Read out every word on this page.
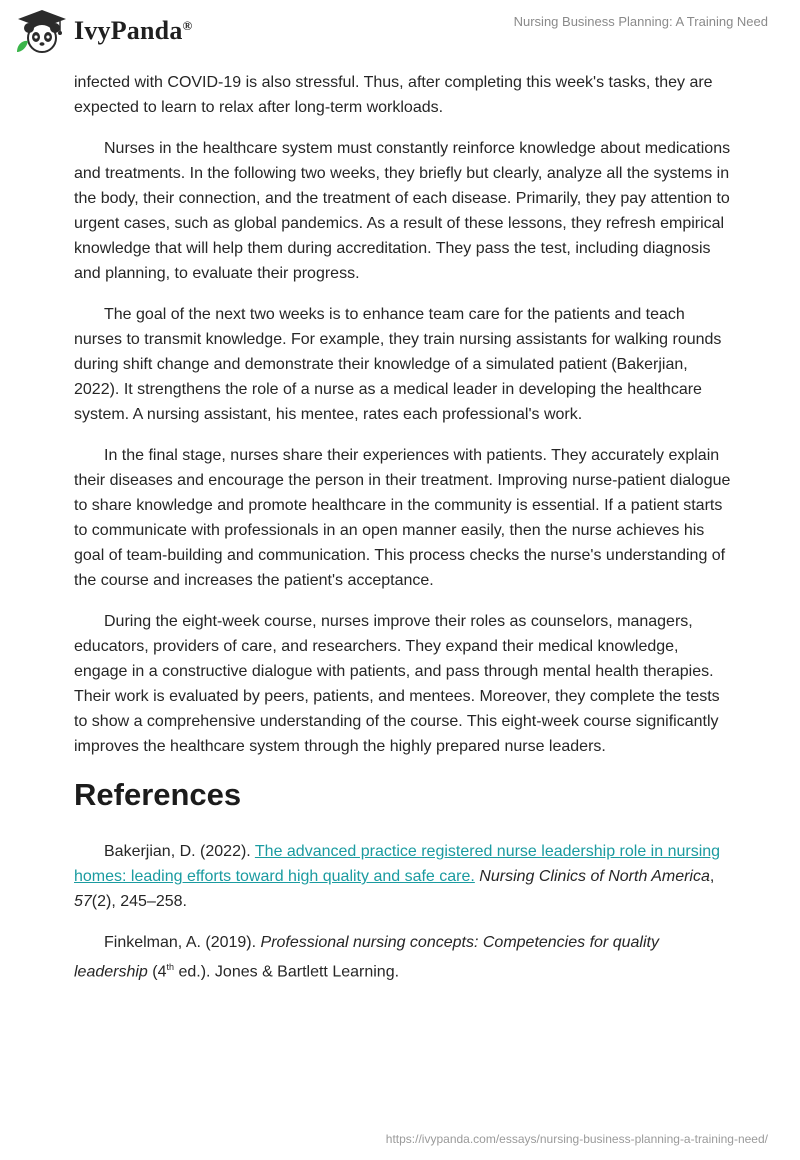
IvyPanda®	Nursing Business Planning: A Training Need

infected with COVID-19 is also stressful. Thus, after completing this week's tasks, they are expected to learn to relax after long-term workloads.

Nurses in the healthcare system must constantly reinforce knowledge about medications and treatments. In the following two weeks, they briefly but clearly, analyze all the systems in the body, their connection, and the treatment of each disease. Primarily, they pay attention to urgent cases, such as global pandemics. As a result of these lessons, they refresh empirical knowledge that will help them during accreditation. They pass the test, including diagnosis and planning, to evaluate their progress.

The goal of the next two weeks is to enhance team care for the patients and teach nurses to transmit knowledge. For example, they train nursing assistants for walking rounds during shift change and demonstrate their knowledge of a simulated patient (Bakerjian, 2022). It strengthens the role of a nurse as a medical leader in developing the healthcare system. A nursing assistant, his mentee, rates each professional's work.

In the final stage, nurses share their experiences with patients. They accurately explain their diseases and encourage the person in their treatment. Improving nurse-patient dialogue to share knowledge and promote healthcare in the community is essential. If a patient starts to communicate with professionals in an open manner easily, then the nurse achieves his goal of team-building and communication. This process checks the nurse's understanding of the course and increases the patient's acceptance.

During the eight-week course, nurses improve their roles as counselors, managers, educators, providers of care, and researchers. They expand their medical knowledge, engage in a constructive dialogue with patients, and pass through mental health therapies. Their work is evaluated by peers, patients, and mentees. Moreover, they complete the tests to show a comprehensive understanding of the course. This eight-week course significantly improves the healthcare system through the highly prepared nurse leaders.

References

Bakerjian, D. (2022). The advanced practice registered nurse leadership role in nursing homes: leading efforts toward high quality and safe care. Nursing Clinics of North America, 57(2), 245–258.

Finkelman, A. (2019). Professional nursing concepts: Competencies for quality leadership (4th ed.). Jones & Bartlett Learning.

https://ivypanda.com/essays/nursing-business-planning-a-training-need/
